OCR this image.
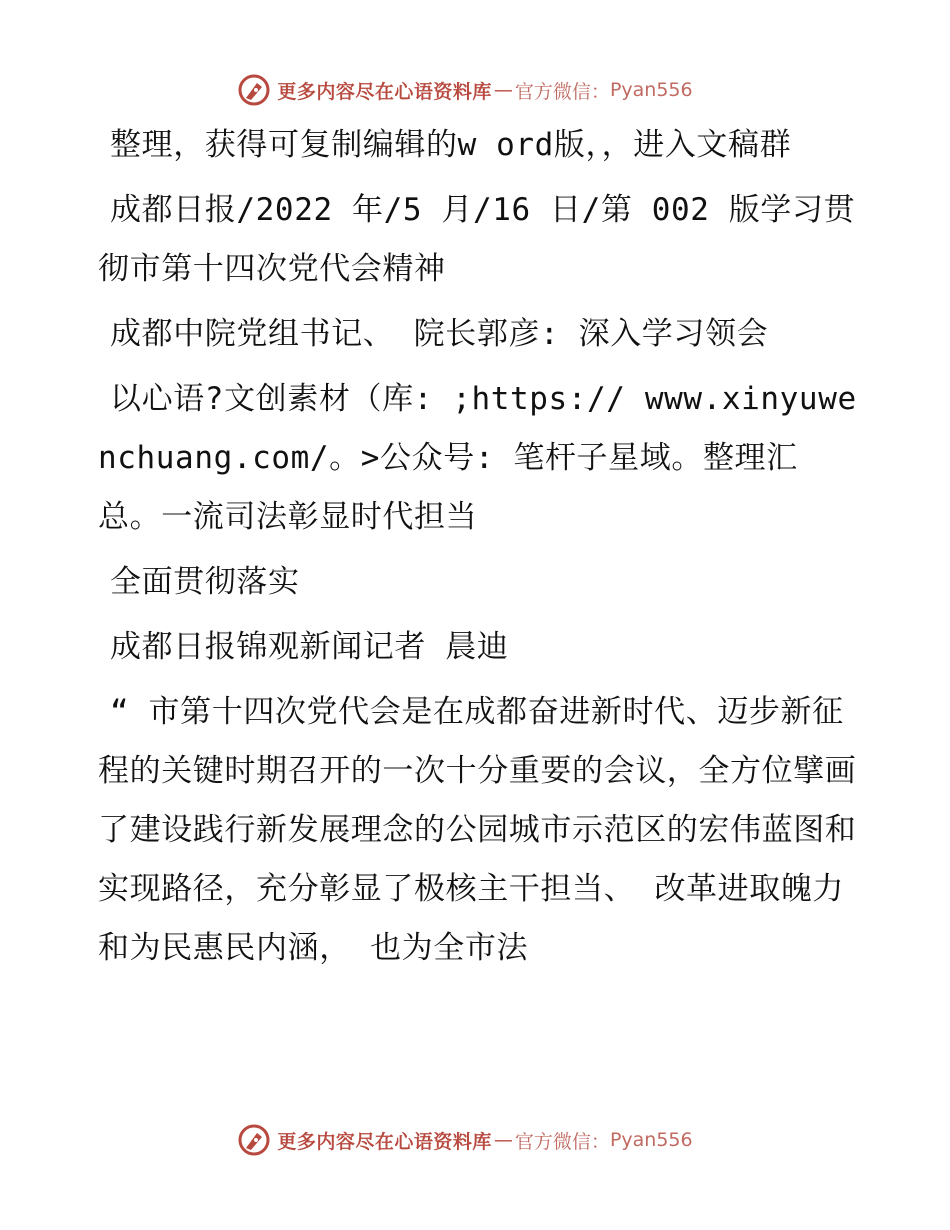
更多内容尽在心语资料库 — 官方微信： Pyan556

整理，获得可复制编辑的w ord版，，进入文稿群

成都日报/2022 年/5 月/16 日/第 002 版学习贯彻市第十四次党代会精神

成都中院党组书记、 院长郭彦: 深入学习领会

以心语?文创素材（库: ;https:// www.xinyuwenchuang.com/。>公众号: 笔杆子星域。整理汇总。一流司法彰显时代担当

全面贯彻落实

成都日报锦观新闻记者 晨迪

“ 市第十四次党代会是在成都奋进新时代、迈步新征程的关键时期召开的一次十分重要的会议，全方位擘画了建设践行新发展理念的公园城市示范区的宏伟蓝图和实现路径，充分彰显了极核主干担当、 改革进取魄力和为民惠民内涵， 也为全市法

更多内容尽在心语资料库 — 官方微信： Pyan556
